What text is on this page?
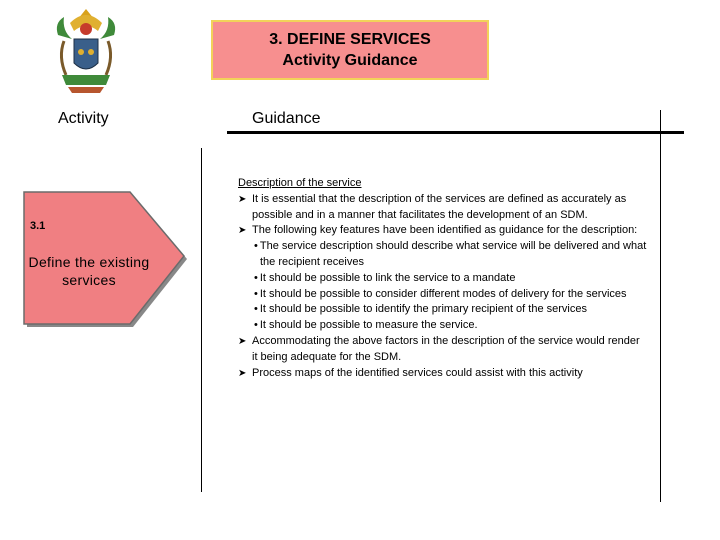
3. DEFINE SERVICES
Activity Guidance
Activity	Guidance
3.1
Define the existing services

Description of the service

➤ It is essential that the description of the services are defined as accurately as possible and in a manner that facilitates the development of an SDM.

➤ The following key features have been identified as guidance for the description:

• The service description should describe what service will be delivered and what the recipient receives

• It should be possible to link the service to a mandate

• It should be possible to consider different modes of delivery for the services

• It should be possible to identify the primary recipient of the services

• It should be possible to measure the service.

➤ Accommodating the above factors in the description of the service would render it being adequate for the SDM.

➤ Process maps of the identified services could assist with this activity
